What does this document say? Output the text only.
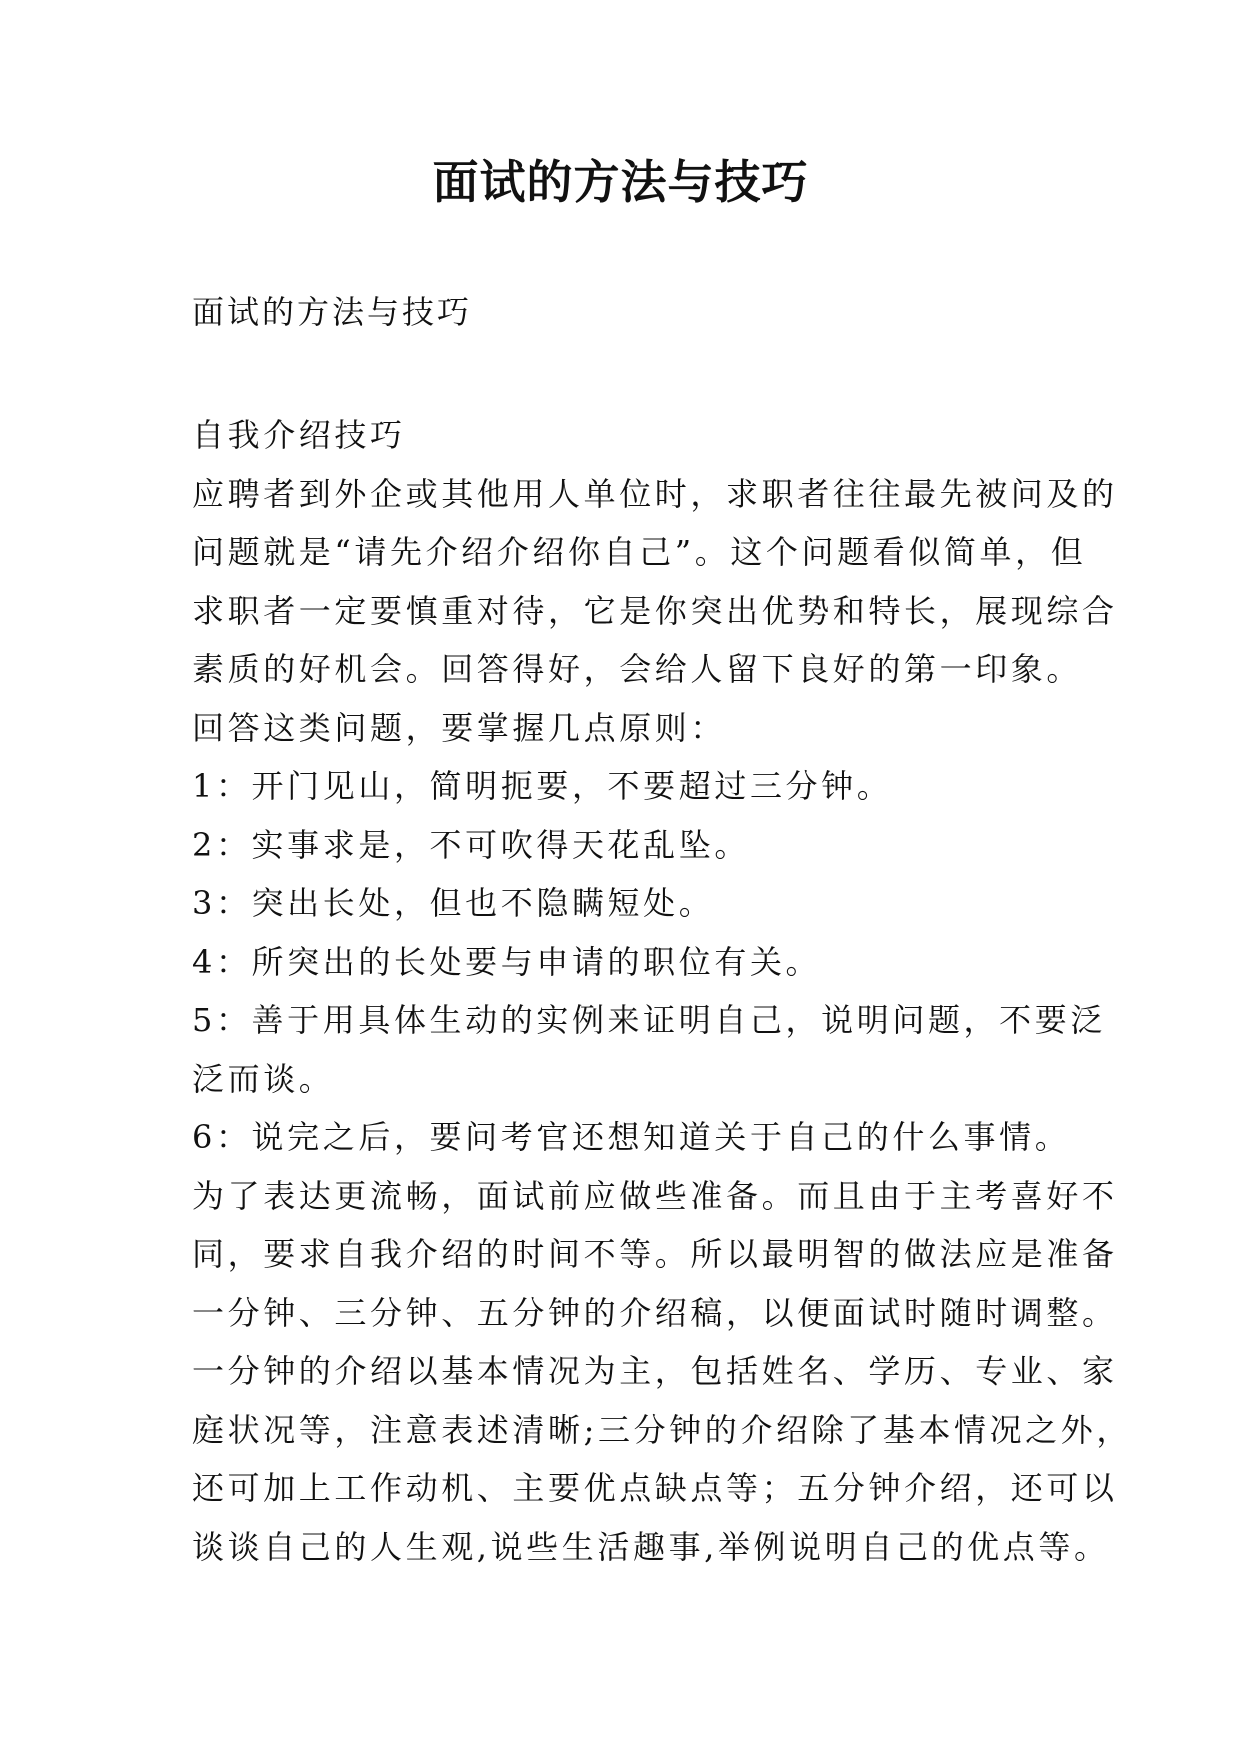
面试的方法与技巧

面试的方法与技巧

自我介绍技巧
应聘者到外企或其他用人单位时，求职者往往最先被问及的
问题就是“请先介绍介绍你自己”。这个问题看似简单，但
求职者一定要慎重对待，它是你突出优势和特长，展现综合
素质的好机会。回答得好，会给人留下良好的第一印象。
回答这类问题，要掌握几点原则：
1：开门见山，简明扼要，不要超过三分钟。
2：实事求是，不可吹得天花乱坠。
3：突出长处，但也不隐瞒短处。
4：所突出的长处要与申请的职位有关。
5：善于用具体生动的实例来证明自己，说明问题，不要泛
泛而谈。
6：说完之后，要问考官还想知道关于自己的什么事情。
为了表达更流畅，面试前应做些准备。而且由于主考喜好不
同，要求自我介绍的时间不等。所以最明智的做法应是准备
一分钟、三分钟、五分钟的介绍稿，以便面试时随时调整。
一分钟的介绍以基本情况为主，包括姓名、学历、专业、家
庭状况等，注意表述清晰;三分钟的介绍除了基本情况之外，
还可加上工作动机、主要优点缺点等；五分钟介绍，还可以
谈谈自己的人生观,说些生活趣事,举例说明自己的优点等。
